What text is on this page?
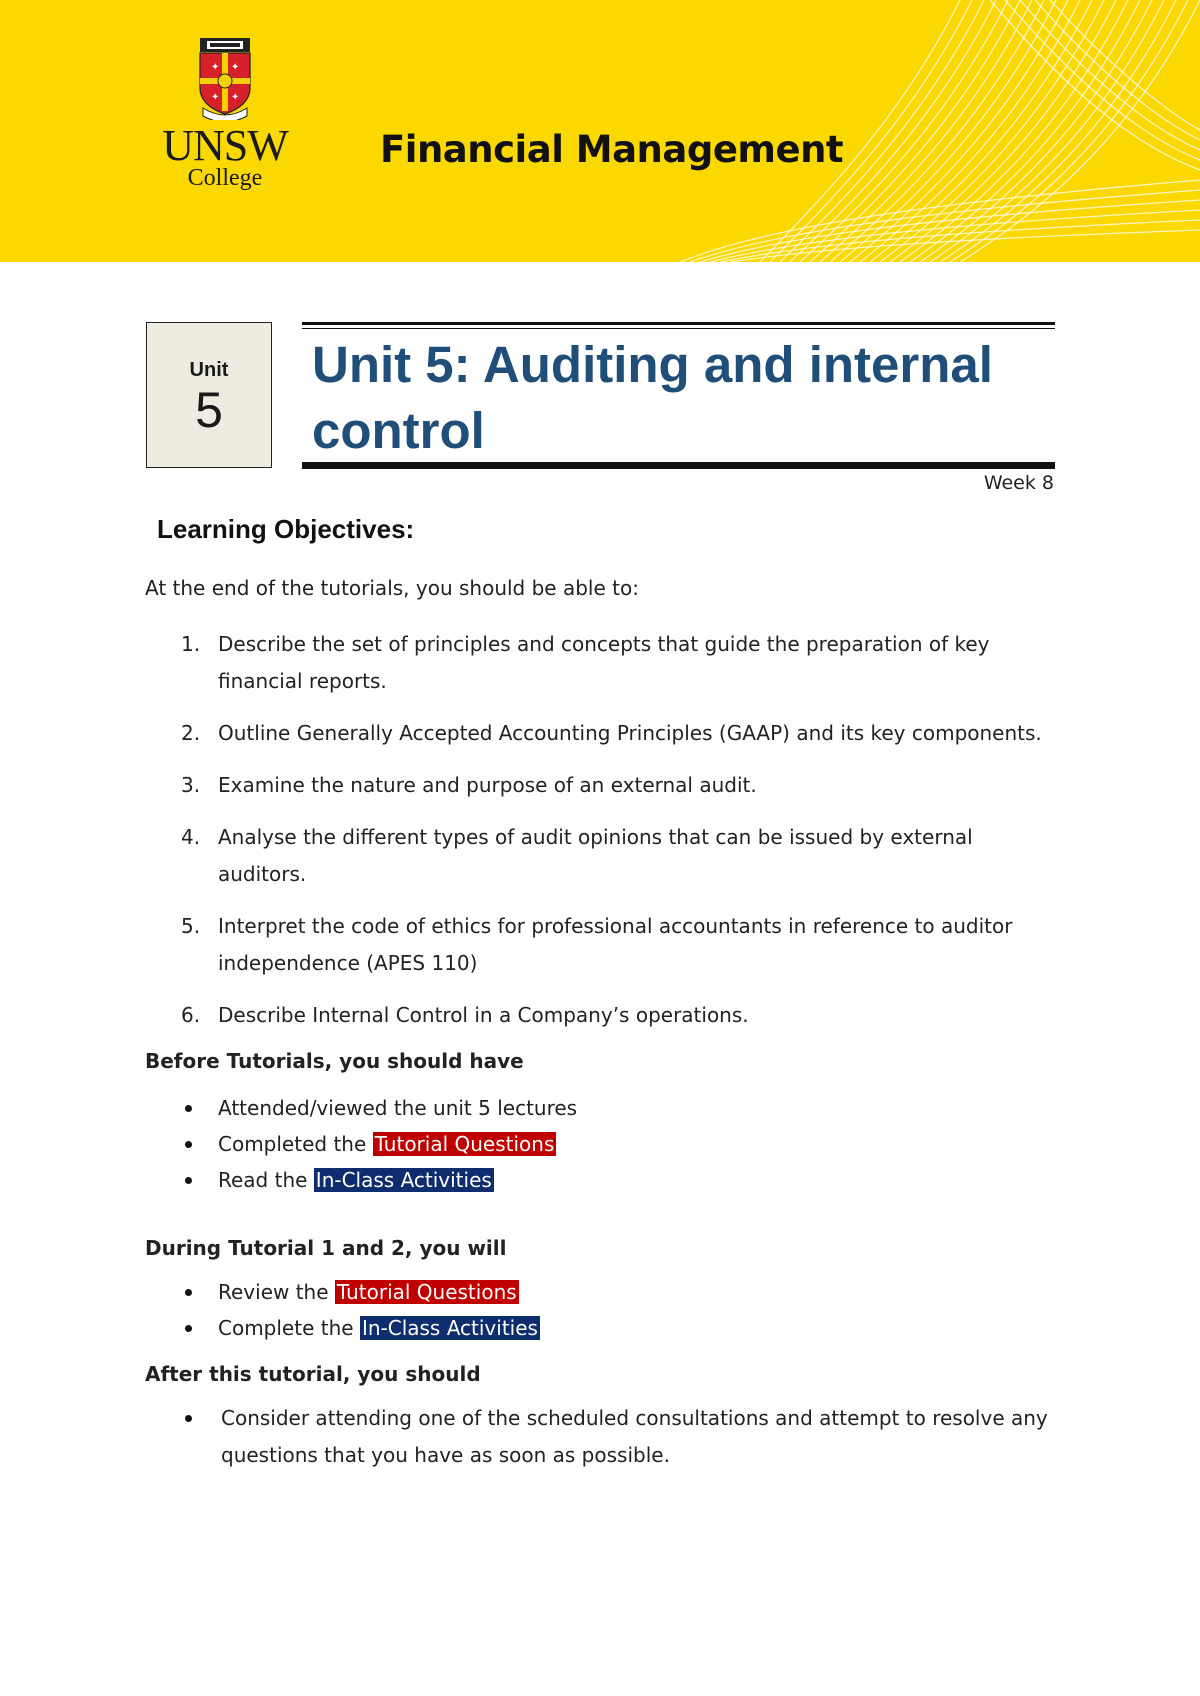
✦ ✦
✦ ✦
UNSW
College
Financial Management
Unit
5
Unit 5: Auditing and internal control
Week 8
Learning Objectives:

At the end of the tutorials, you should be able to:

1. Describe the set of principles and concepts that guide the preparation of key financial reports.
2. Outline Generally Accepted Accounting Principles (GAAP) and its key components.
3. Examine the nature and purpose of an external audit.
4. Analyse the different types of audit opinions that can be issued by external auditors.
5. Interpret the code of ethics for professional accountants in reference to auditor independence (APES 110)
6. Describe Internal Control in a Company’s operations.

Before Tutorials, you should have

Attended/viewed the unit 5 lectures
Completed the Tutorial Questions
Read the In-Class Activities

During Tutorial 1 and 2, you will

Review the Tutorial Questions
Complete the In-Class Activities

After this tutorial, you should

Consider attending one of the scheduled consultations and attempt to resolve any questions that you have as soon as possible.
